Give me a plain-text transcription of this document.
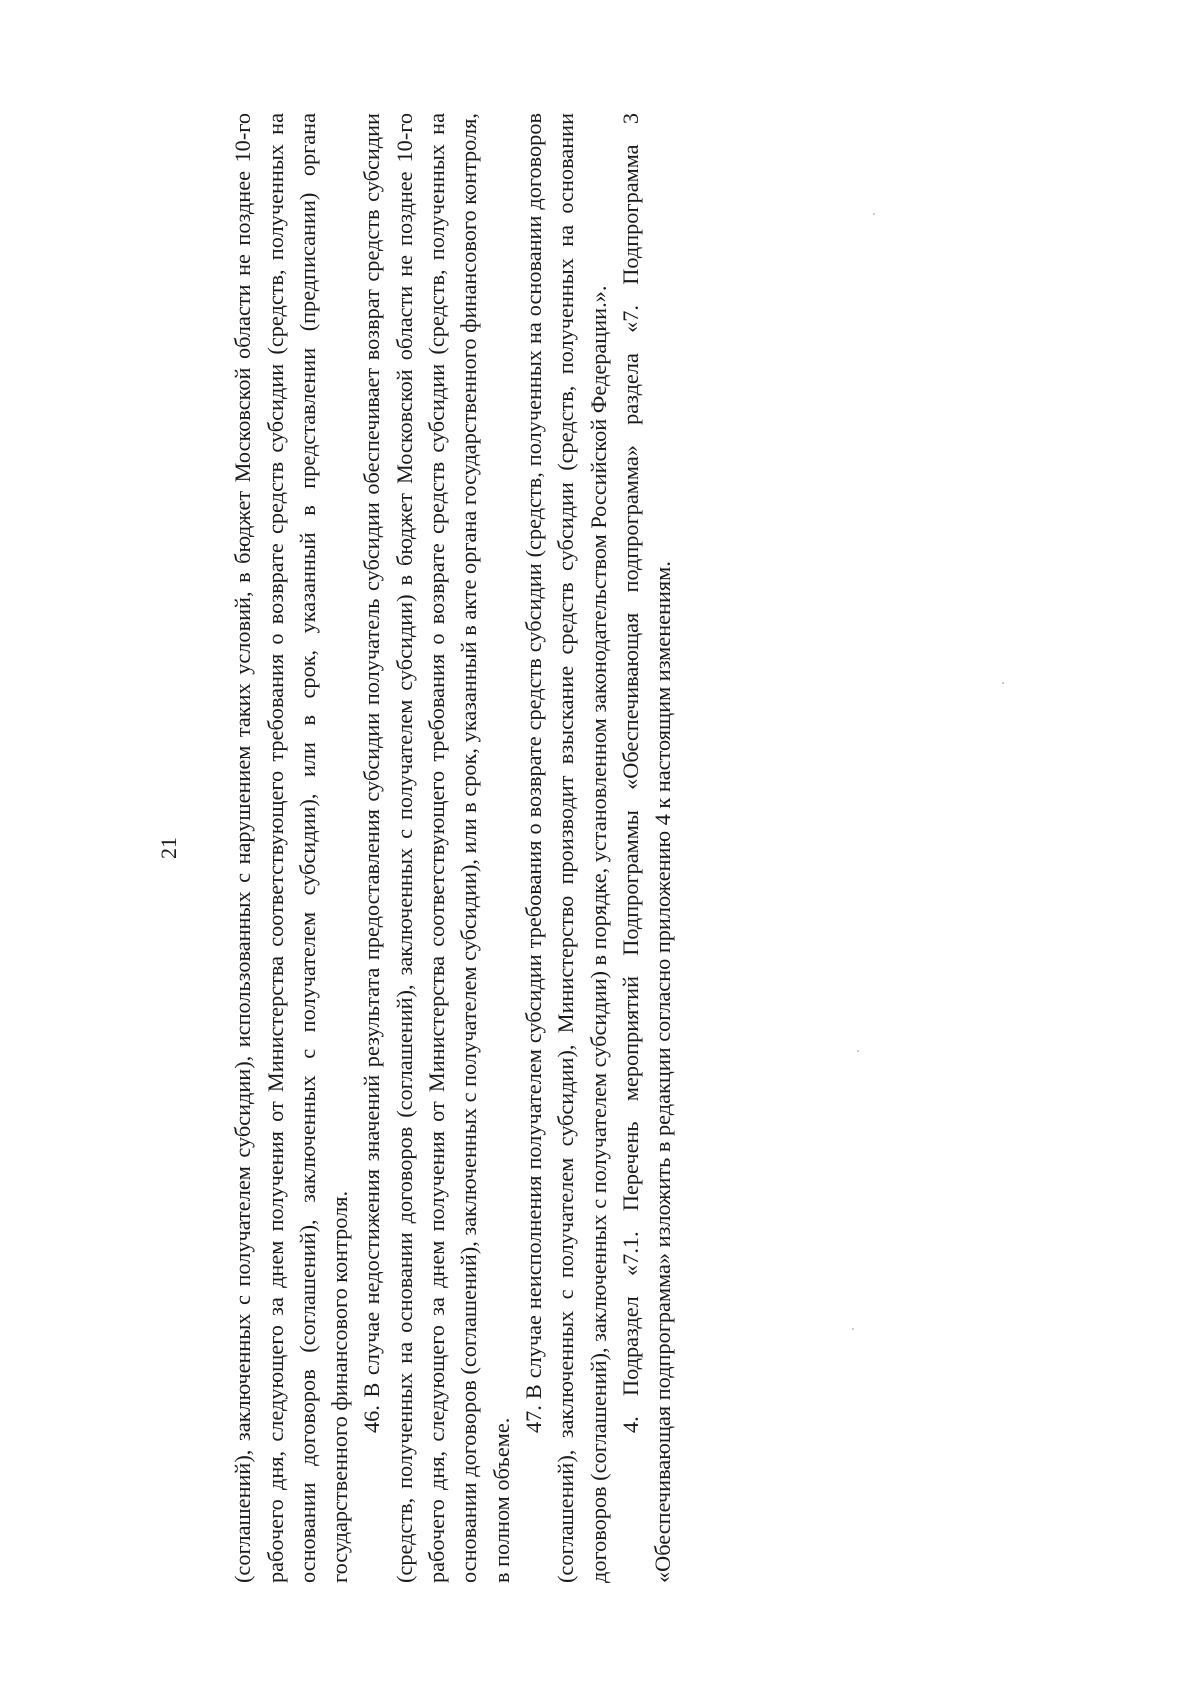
21 (соглашений), заключенных с получателем субсидии), использованных с нарушением таких условий, в бюджет Московской области не позднее 10-го рабочего дня, следующего за днем получения от Министерства соответствующего требования о возврате средств субсидии (средств, полученных на основании договоров (соглашений), заключенных с получателем субсидии), или в срок, указанный в представлении (предписании) органа государственного финансового контроля. 46. В случае недостижения значений результата предоставления субсидии получатель субсидии обеспечивает возврат средств субсидии (средств, полученных на основании договоров (соглашений), заключенных с получателем субсидии) в бюджет Московской области не позднее 10-го рабочего дня, следующего за днем получения от Министерства соответствующего требования о возврате средств субсидии (средств, полученных на основании договоров (соглашений), заключенных с получателем субсидии), или в срок, указанный в акте органа государственного финансового контроля, в полном объеме.

47. В случае неисполнения получателем субсидии требования о возврате средств субсидии (средств, полученных на основании договоров (соглашений), заключенных с получателем субсидии), Министерство производит взыскание средств субсидии (средств, полученных на основании договоров (соглашений), заключенных с получателем субсидии) в порядке, установленном законодательством Российской Федерации.». 4. Подраздел «7.1. Перечень мероприятий Подпрограммы «Обеспечивающая подпрограмма» раздела «7. Подпрограмма 3 «Обеспечивающая подпрограмма» изложить в редакции согласно приложению 4 к настоящим изменениям.
